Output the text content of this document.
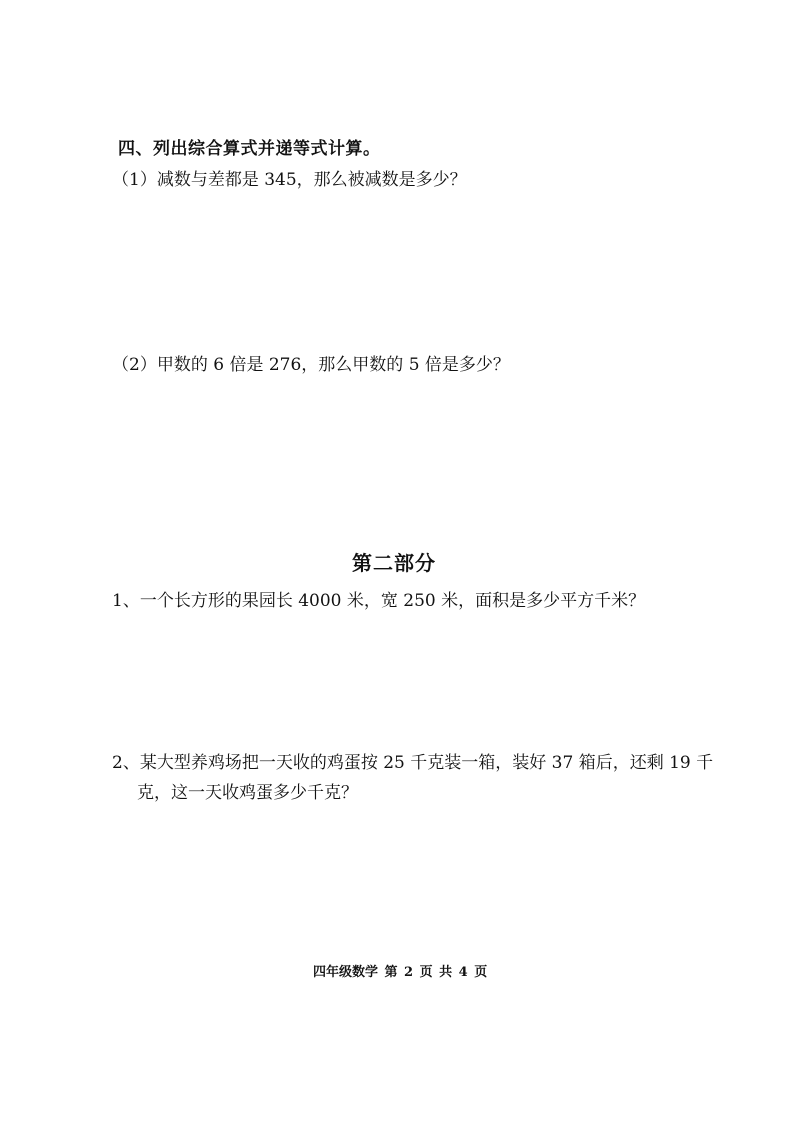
四、列出综合算式并递等式计算。
（1）减数与差都是 345，那么被减数是多少？
（2）甲数的 6 倍是 276，那么甲数的 5 倍是多少？
第二部分
1、一个长方形的果园长 4000 米，宽 250 米，面积是多少平方千米？
2、某大型养鸡场把一天收的鸡蛋按 25 千克装一箱，装好 37 箱后，还剩 19 千
克，这一天收鸡蛋多少千克？
四年级数学 第 2 页 共 4 页
